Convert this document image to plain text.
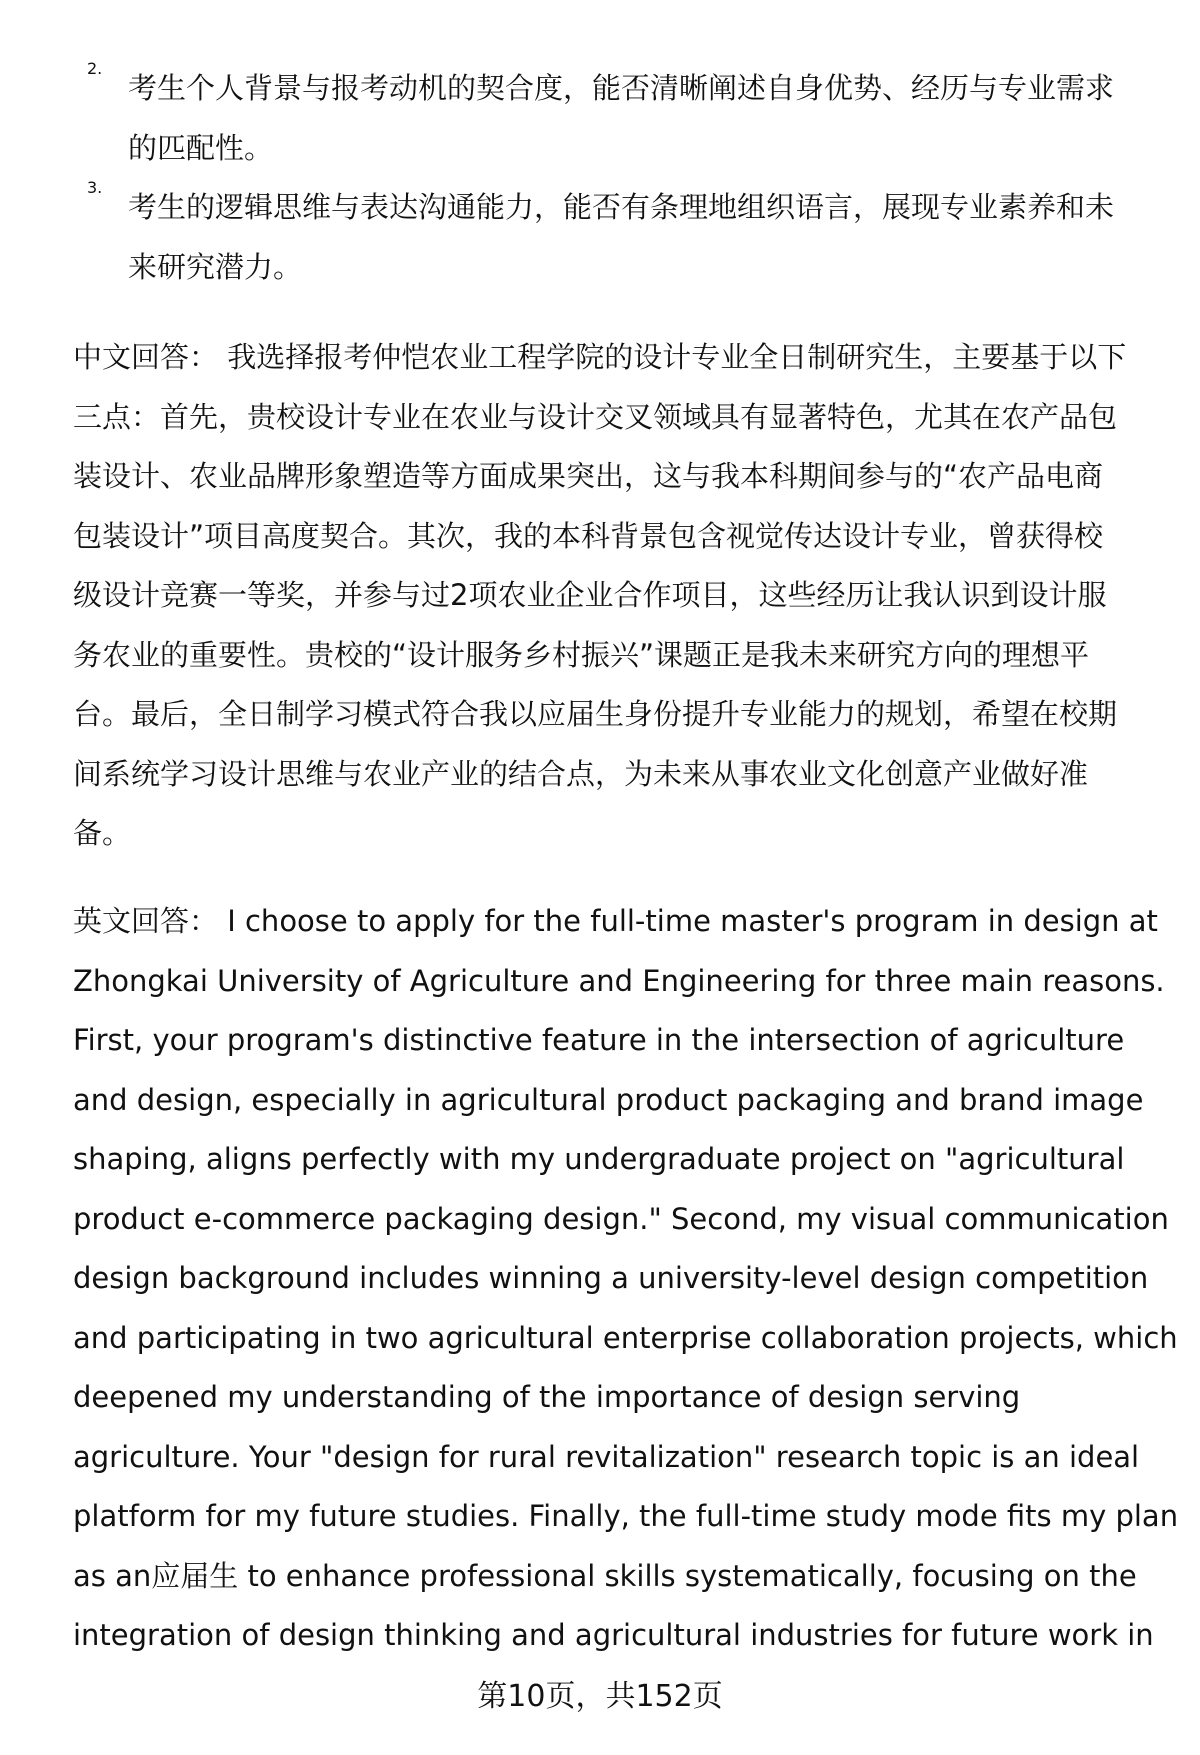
2.
考生个人背景与报考动机的契合度，能否清晰阐述自身优势、经历与专业需求
的匹配性。
3.
考生的逻辑思维与表达沟通能力，能否有条理地组织语言，展现专业素养和未
来研究潜力。
中文回答： 我选择报考仲恺农业工程学院的设计专业全日制研究生，主要基于以下
三点：首先，贵校设计专业在农业与设计交叉领域具有显著特色，尤其在农产品包
装设计、农业品牌形象塑造等方面成果突出，这与我本科期间参与的“农产品电商
包装设计”项目高度契合。其次，我的本科背景包含视觉传达设计专业，曾获得校
级设计竞赛一等奖，并参与过2项农业企业合作项目，这些经历让我认识到设计服
务农业的重要性。贵校的“设计服务乡村振兴”课题正是我未来研究方向的理想平
台。最后，全日制学习模式符合我以应届生身份提升专业能力的规划，希望在校期
间系统学习设计思维与农业产业的结合点，为未来从事农业文化创意产业做好准
备。
英文回答： I choose to apply for the full-time master's program in design at
Zhongkai University of Agriculture and Engineering for three main reasons.
First, your program's distinctive feature in the intersection of agriculture
and design, especially in agricultural product packaging and brand image
shaping, aligns perfectly with my undergraduate project on "agricultural
product e-commerce packaging design." Second, my visual communication
design background includes winning a university-level design competition
and participating in two agricultural enterprise collaboration projects, which
deepened my understanding of the importance of design serving
agriculture. Your "design for rural revitalization" research topic is an ideal
platform for my future studies. Finally, the full-time study mode fits my plan
as an应届生 to enhance professional skills systematically, focusing on the
integration of design thinking and agricultural industries for future work in
第10页，共152页
